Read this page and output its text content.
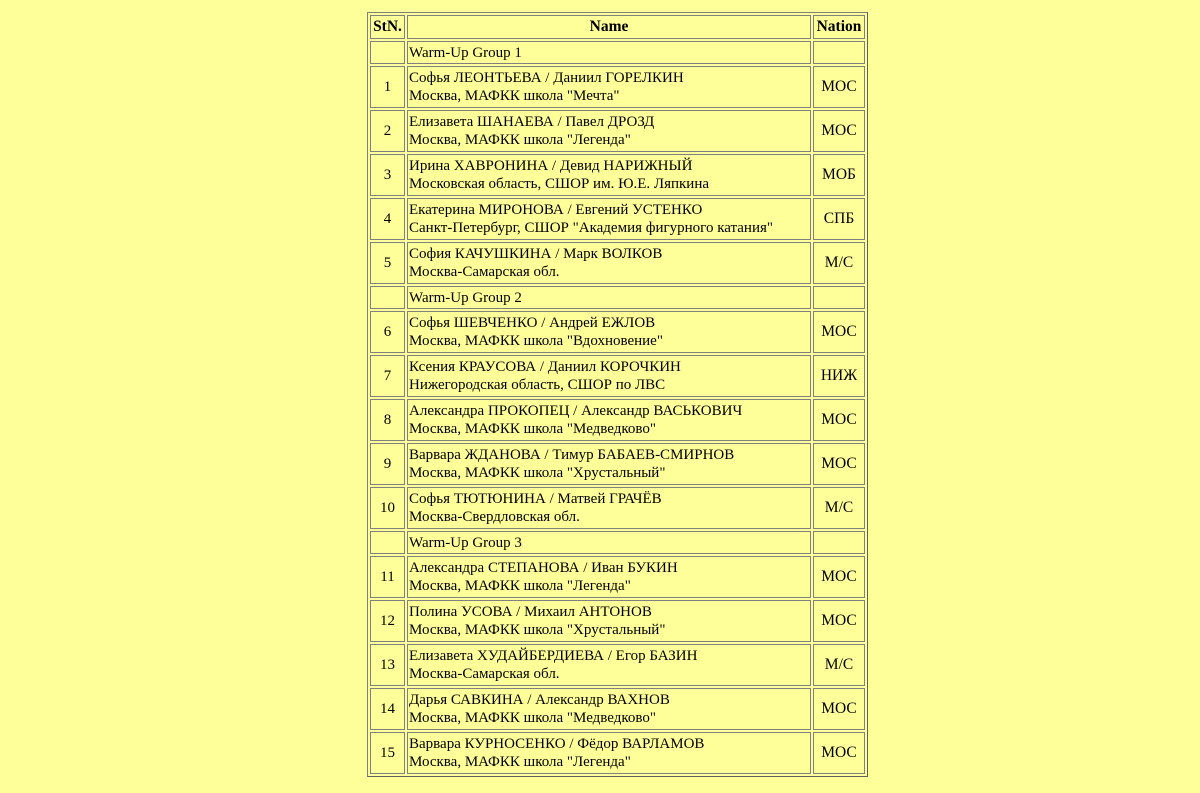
StN.	Name	Nation
	Warm-Up Group 1	
1	Софья ЛЕОНТЬЕВА / Даниил ГОРЕЛКИН
Москва, МАФКК школа "Мечта"	МОС
2	Елизавета ШАНАЕВА / Павел ДРОЗД
Москва, МАФКК школа "Легенда"	МОС
3	Ирина ХАВРОНИНА / Девид НАРИЖНЫЙ
Московская область, СШОР им. Ю.Е. Ляпкина	МОБ
4	Екатерина МИРОНОВА / Евгений УСТЕНКО
Санкт-Петербург, СШОР "Академия фигурного катания"	СПБ
5	София КАЧУШКИНА / Марк ВОЛКОВ
Москва-Самарская обл.	М/С
	Warm-Up Group 2	
6	Софья ШЕВЧЕНКО / Андрей ЕЖЛОВ
Москва, МАФКК школа "Вдохновение"	МОС
7	Ксения КРАУСОВА / Даниил КОРОЧКИН
Нижегородская область, СШОР по ЛВС	НИЖ
8	Александра ПРОКОПЕЦ / Александр ВАСЬКОВИЧ
Москва, МАФКК школа "Медведково"	МОС
9	Варвара ЖДАНОВА / Тимур БАБАЕВ-СМИРНОВ
Москва, МАФКК школа "Хрустальный"	МОС
10	Софья ТЮТЮНИНА / Матвей ГРАЧЁВ
Москва-Свердловская обл.	М/С
	Warm-Up Group 3	
11	Александра СТЕПАНОВА / Иван БУКИН
Москва, МАФКК школа "Легенда"	МОС
12	Полина УСОВА / Михаил АНТОНОВ
Москва, МАФКК школа "Хрустальный"	МОС
13	Елизавета ХУДАЙБЕРДИЕВА / Егор БАЗИН
Москва-Самарская обл.	М/С
14	Дарья САВКИНА / Александр ВАХНОВ
Москва, МАФКК школа "Медведково"	МОС
15	Варвара КУРНОСЕНКО / Фёдор ВАРЛАМОВ
Москва, МАФКК школа "Легенда"	МОС
